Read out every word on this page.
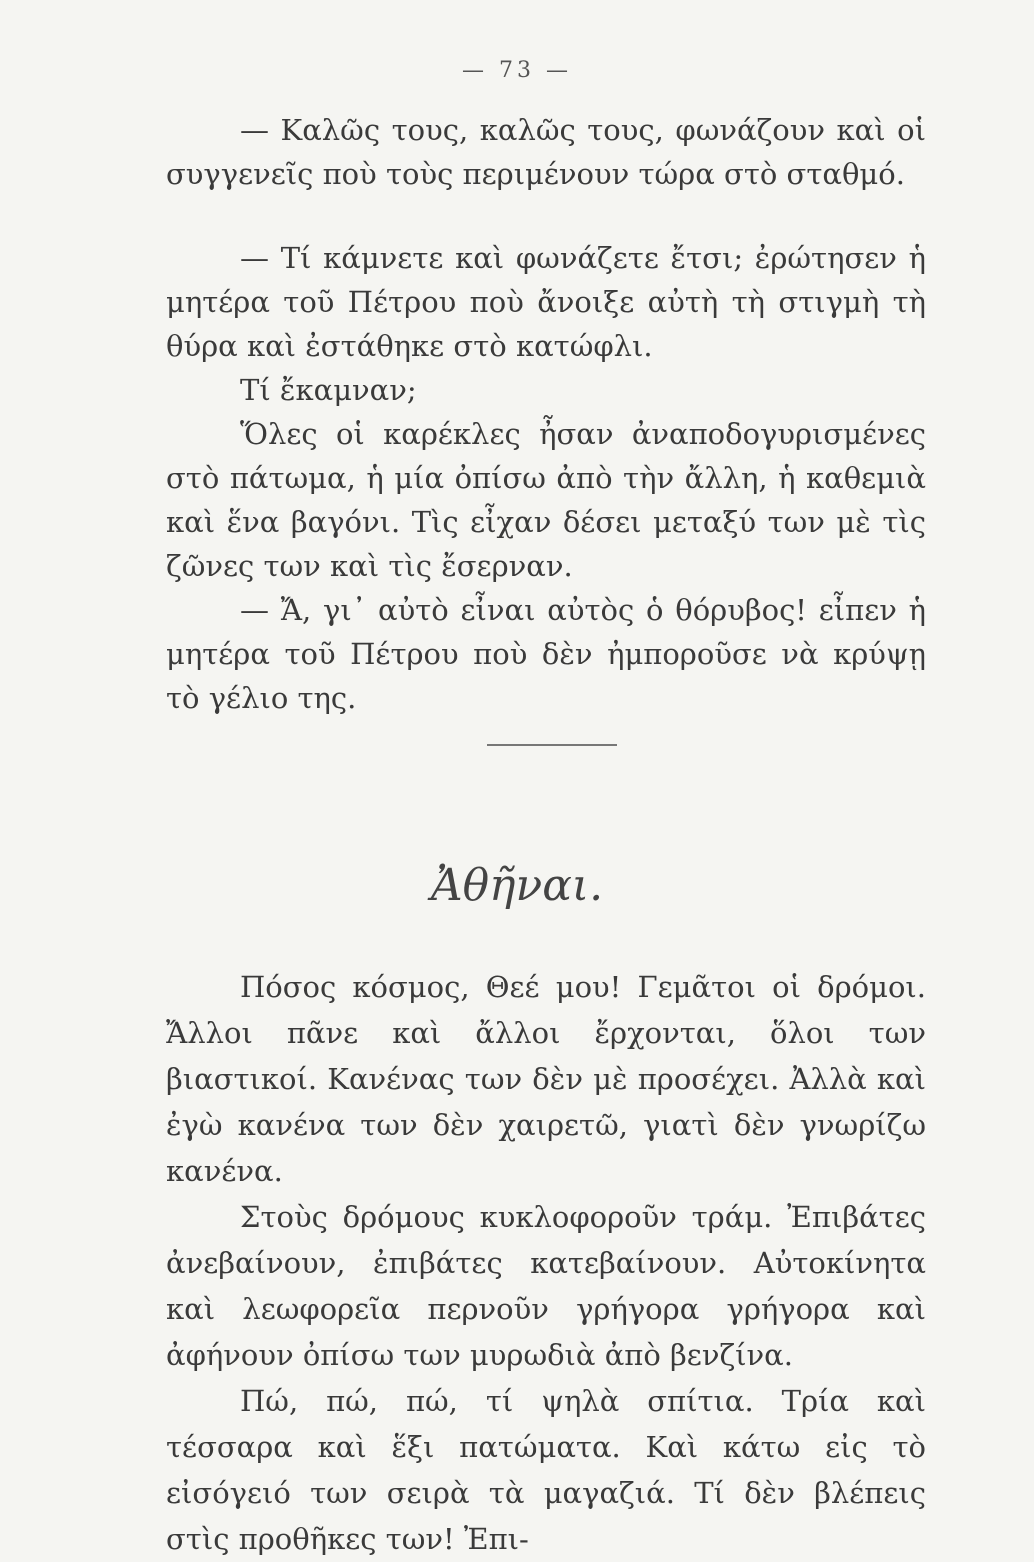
— 73 —

— Καλῶς τους, καλῶς τους, φωνάζουν καὶ οἱ συγγενεῖς ποὺ τοὺς περιμένουν τώρα στὸ σταθμό.

— Τί κάμνετε καὶ φωνάζετε ἔτσι; ἐρώτησεν ἡ μητέρα τοῦ Πέτρου ποὺ ἄνοιξε αὐτὴ τὴ στιγμὴ τὴ θύρα καὶ ἐστάθηκε στὸ κατώφλι.

Τί ἔκαμναν;

Ὅλες οἱ καρέκλες ἦσαν ἀναποδογυρισμένες στὸ πάτωμα, ἡ μία ὀπίσω ἀπὸ τὴν ἄλλη, ἡ καθεμιὰ καὶ ἕνα βαγόνι. Τὶς εἶχαν δέσει μεταξύ των μὲ τὶς ζῶνες των καὶ τὶς ἔσερναν.

— Ἄ, γι᾽ αὐτὸ εἶναι αὐτὸς ὁ θόρυβος! εἶπεν ἡ μητέρα τοῦ Πέτρου ποὺ δὲν ἠμποροῦσε νὰ κρύψῃ τὸ γέλιο της.

Ἀθῆναι.

Πόσος κόσμος, Θεέ μου! Γεμᾶτοι οἱ δρόμοι. Ἄλλοι πᾶνε καὶ ἄλλοι ἔρχονται, ὅλοι των βιαστικοί. Κανένας των δὲν μὲ προσέχει. Ἀλλὰ καὶ ἐγὼ κανένα των δὲν χαιρετῶ, γιατὶ δὲν γνωρίζω κανένα.

Στοὺς δρόμους κυκλοφοροῦν τράμ. Ἐπιβάτες ἀνεβαίνουν, ἐπιβάτες κατεβαίνουν. Αὐτοκίνητα καὶ λεωφορεῖα περνοῦν γρήγορα γρήγορα καὶ ἀφήνουν ὀπίσω των μυρωδιὰ ἀπὸ βενζίνα.

Πώ, πώ, πώ, τί ψηλὰ σπίτια. Τρία καὶ τέσσαρα καὶ ἕξι πατώματα. Καὶ κάτω εἰς τὸ εἰσόγειό των σειρὰ τὰ μαγαζιά. Τί δὲν βλέπεις στὶς προθῆκες των! Ἐπι-
